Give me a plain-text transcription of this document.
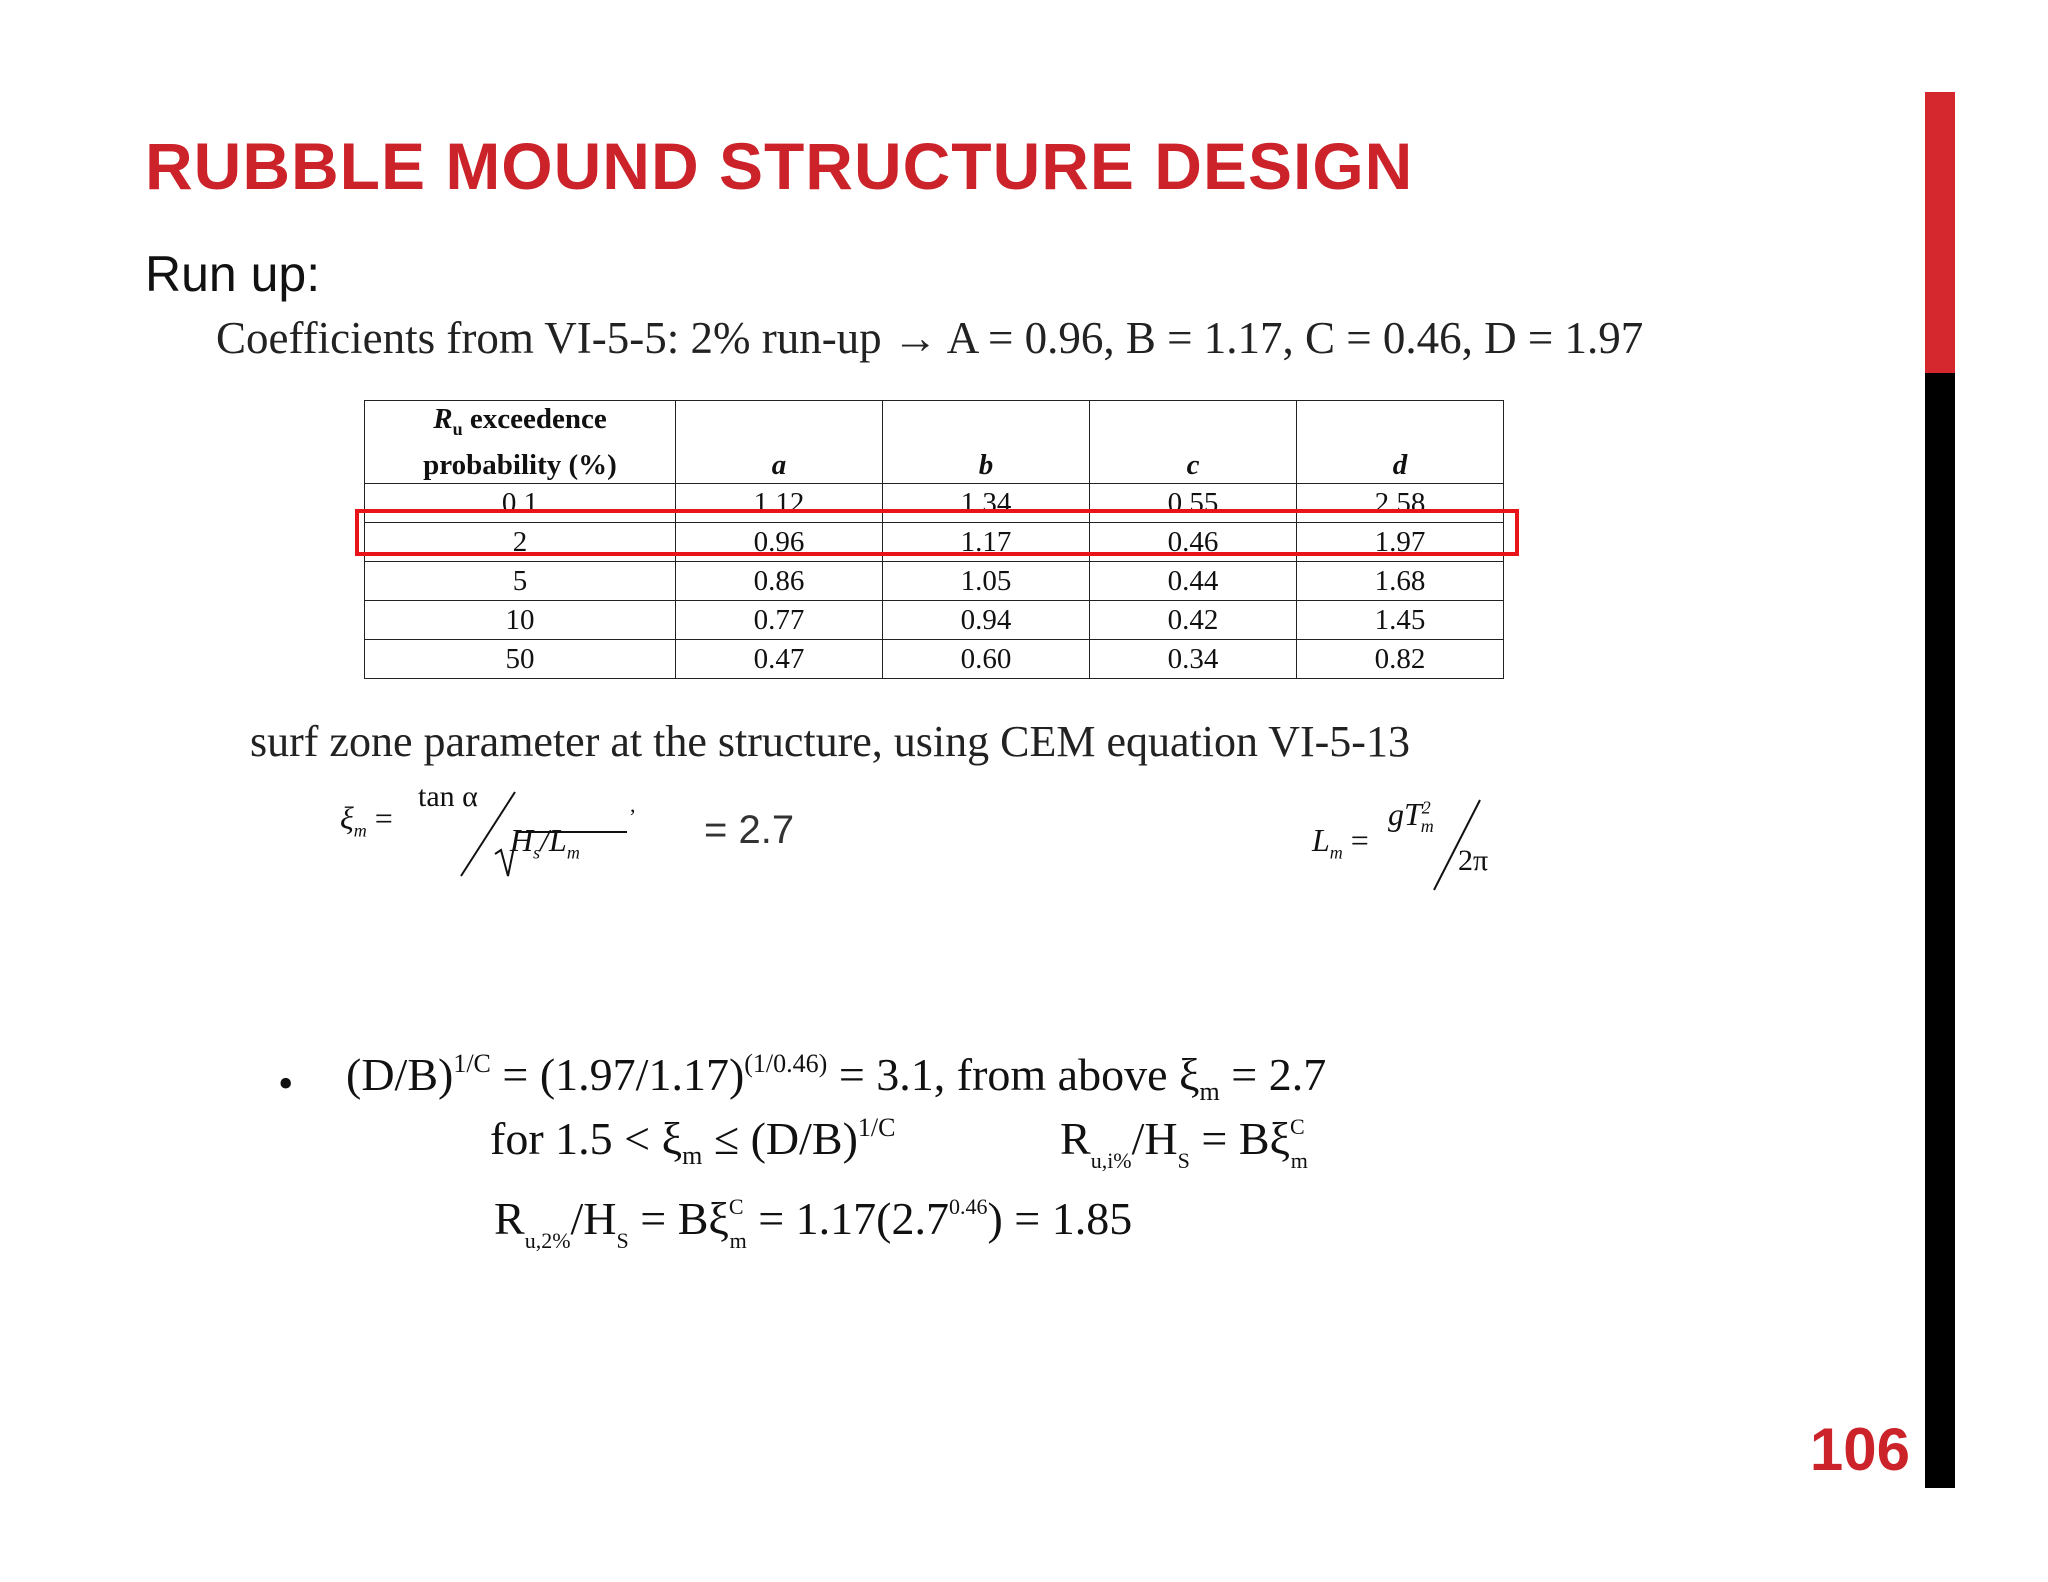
RUBBLE MOUND STRUCTURE DESIGN
Run up:
Coefficients from VI-5-5: 2% run-up → A = 0.96, B = 1.17, C = 0.46, D = 1.97
$R_u$ exceedence
probability (%)	a	b	c	d
0.1	1.12	1.34	0.55	2.58
2	0.96	1.17	0.46	1.97
5	0.86	1.05	0.44	1.68
10	0.77	0.94	0.42	1.45
50	0.47	0.60	0.34	0.82
surf zone parameter at the structure, using CEM equation VI-5-13
$\xi_m$ =
tan α
$H_s/L_m$
,
= 2.7	$L_m$ =
$gT^2_m$
2π
• $(D/B)^{1/C} = (1.97/1.17)^{(1/0.46)} = 3.1$, from above $\xi_m = 2.7$
for $1.5 < \xi_m \le (D/B)^{1/C}$	$R_{u,i\%}/H_S = B\xi^C_m$
$R_{u,2\%}/H_S = B\xi^C_m = 1.17(2.7^{0.46}) = 1.85$
106
